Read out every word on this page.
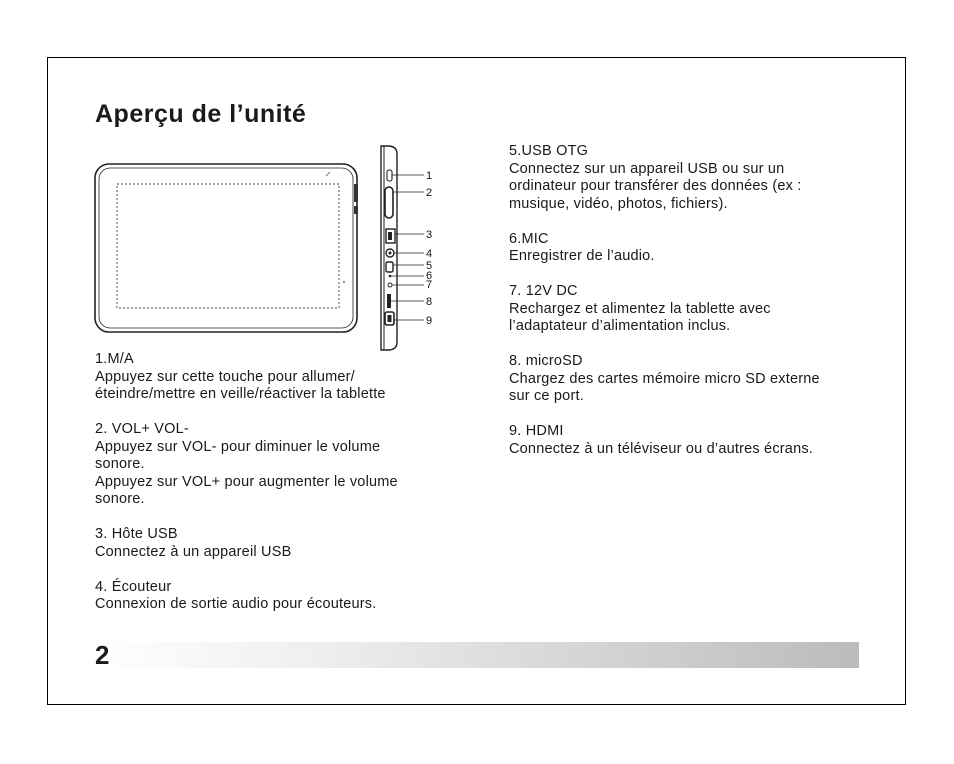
Aperçu de l’unité
1
2
3
4
5
6
7
8
9
1.M/A
Appuyez sur cette touche pour allumer/
éteindre/mettre en veille/réactiver la tablette
2. VOL+ VOL-
Appuyez sur VOL- pour diminuer le volume
sonore.
Appuyez sur VOL+ pour augmenter le volume
sonore.
3. Hôte USB
Connectez à un appareil USB
4. Écouteur
Connexion de sortie audio pour écouteurs.
5.USB OTG
Connectez sur un appareil USB ou sur un
ordinateur pour transférer des données (ex :
musique, vidéo, photos, fichiers).
6.MIC
Enregistrer de l’audio.
7. 12V DC
Rechargez et alimentez la tablette avec
l’adaptateur d’alimentation inclus.
8. microSD
Chargez des cartes mémoire micro SD externe
sur ce port.
9. HDMI
Connectez à un téléviseur ou d’autres écrans.
2
